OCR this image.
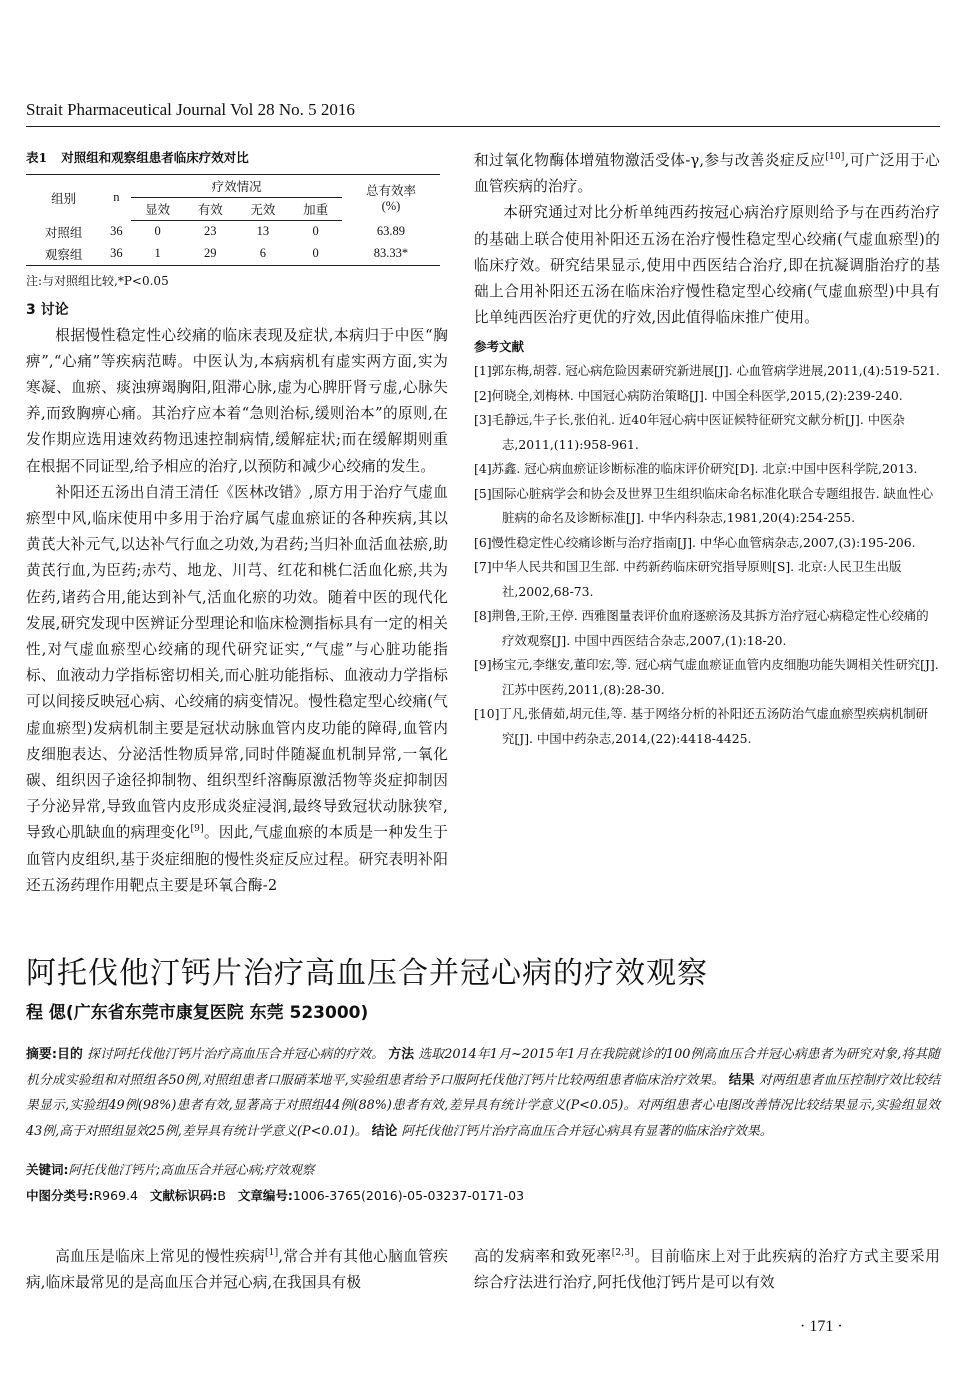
Strait Pharmaceutical Journal Vol 28 No. 5 2016
表1 对照组和观察组患者临床疗效对比
组别	n	疗效情况				总有效率
(%)
		显效	有效	无效	加重	
对照组	36	0	23	13	0	63.89
观察组	36	1	29	6	0	83.33*
注:与对照组比较,*P<0.05
3 讨论

根据慢性稳定性心绞痛的临床表现及症状,本病归于中医“胸痹”,“心痛”等疾病范畴。中医认为,本病病机有虚实两方面,实为寒凝、血瘀、痰浊痹竭胸阳,阻滞心脉,虚为心脾肝肾亏虚,心脉失养,而致胸痹心痛。其治疗应本着“急则治标,缓则治本”的原则,在发作期应选用速效药物迅速控制病情,缓解症状;而在缓解期则重在根据不同证型,给予相应的治疗,以预防和减少心绞痛的发生。

补阳还五汤出自清王清任《医林改错》,原方用于治疗气虚血瘀型中风,临床使用中多用于治疗属气虚血瘀证的各种疾病,其以黄芪大补元气,以达补气行血之功效,为君药;当归补血活血祛瘀,助黄芪行血,为臣药;赤芍、地龙、川芎、红花和桃仁活血化瘀,共为佐药,诸药合用,能达到补气,活血化瘀的功效。随着中医的现代化发展,研究发现中医辨证分型理论和临床检测指标具有一定的相关性,对气虚血瘀型心绞痛的现代研究证实,“气虚”与心脏功能指标、血液动力学指标密切相关,而心脏功能指标、血液动力学指标可以间接反映冠心病、心绞痛的病变情况。慢性稳定型心绞痛(气虚血瘀型)发病机制主要是冠状动脉血管内皮功能的障碍,血管内皮细胞表达、分泌活性物质异常,同时伴随凝血机制异常,一氧化碳、组织因子途径抑制物、组织型纤溶酶原激活物等炎症抑制因子分泌异常,导致血管内皮形成炎症浸润,最终导致冠状动脉狭窄,导致心肌缺血的病理变化[9]。因此,气虚血瘀的本质是一种发生于血管内皮组织,基于炎症细胞的慢性炎症反应过程。研究表明补阳还五汤药理作用靶点主要是环氧合酶-2

和过氧化物酶体增殖物激活受体-γ,参与改善炎症反应[10],可广泛用于心血管疾病的治疗。

本研究通过对比分析单纯西药按冠心病治疗原则给予与在西药治疗的基础上联合使用补阳还五汤在治疗慢性稳定型心绞痛(气虚血瘀型)的临床疗效。研究结果显示,使用中西医结合治疗,即在抗凝调脂治疗的基础上合用补阳还五汤在临床治疗慢性稳定型心绞痛(气虚血瘀型)中具有比单纯西医治疗更优的疗效,因此值得临床推广使用。

参考文献

[1]郭东梅,胡蓉. 冠心病危险因素研究新进展[J]. 心血管病学进展,2011,(4):519-521.

[2]何晓全,刘梅林. 中国冠心病防治策略[J]. 中国全科医学,2015,(2):239-240.

[3]毛静远,牛子长,张伯礼. 近40年冠心病中医证候特征研究文献分析[J]. 中医杂志,2011,(11):958-961.

[4]苏鑫. 冠心病血瘀证诊断标准的临床评价研究[D]. 北京:中国中医科学院,2013.

[5]国际心脏病学会和协会及世界卫生组织临床命名标准化联合专题组报告. 缺血性心脏病的命名及诊断标准[J]. 中华内科杂志,1981,20(4):254-255.

[6]慢性稳定性心绞痛诊断与治疗指南[J]. 中华心血管病杂志,2007,(3):195-206.

[7]中华人民共和国卫生部. 中药新药临床研究指导原则[S]. 北京:人民卫生出版社,2002,68-73.

[8]荆鲁,王阶,王停. 西雅图量表评价血府逐瘀汤及其拆方治疗冠心病稳定性心绞痛的疗效观察[J]. 中国中西医结合杂志,2007,(1):18-20.

[9]杨宝元,李继安,董印宏,等. 冠心病气虚血瘀证血管内皮细胞功能失调相关性研究[J]. 江苏中医药,2011,(8):28-30.

[10]丁凡,张倩茹,胡元佳,等. 基于网络分析的补阳还五汤防治气虚血瘀型疾病机制研究[J]. 中国中药杂志,2014,(22):4418-4425.

阿托伐他汀钙片治疗高血压合并冠心病的疗效观察
程 偲(广东省东莞市康复医院 东莞 523000)
摘要:目的 探讨阿托伐他汀钙片治疗高血压合并冠心病的疗效。 方法 选取2014年1月~2015年1月在我院就诊的100例高血压合并冠心病患者为研究对象,将其随机分成实验组和对照组各50例,对照组患者口服硝苯地平,实验组患者给予口服阿托伐他汀钙片比较两组患者临床治疗效果。 结果 对两组患者血压控制疗效比较结果显示,实验组49例(98%)患者有效,显著高于对照组44例(88%)患者有效,差异具有统计学意义(P<0.05)。对两组患者心电图改善情况比较结果显示,实验组显效43例,高于对照组显效25例,差异具有统计学意义(P<0.01)。 结论 阿托伐他汀钙片治疗高血压合并冠心病具有显著的临床治疗效果。
关键词:阿托伐他汀钙片;高血压合并冠心病;疗效观察
中图分类号:R969.4 文献标识码:B 文章编号:1006-3765(2016)-05-03237-0171-03

高血压是临床上常见的慢性疾病[1],常合并有其他心脑血管疾病,临床最常见的是高血压合并冠心病,在我国具有极

高的发病率和致死率[2,3]。目前临床上对于此疾病的治疗方式主要采用综合疗法进行治疗,阿托伐他汀钙片是可以有效

· 171 ·
